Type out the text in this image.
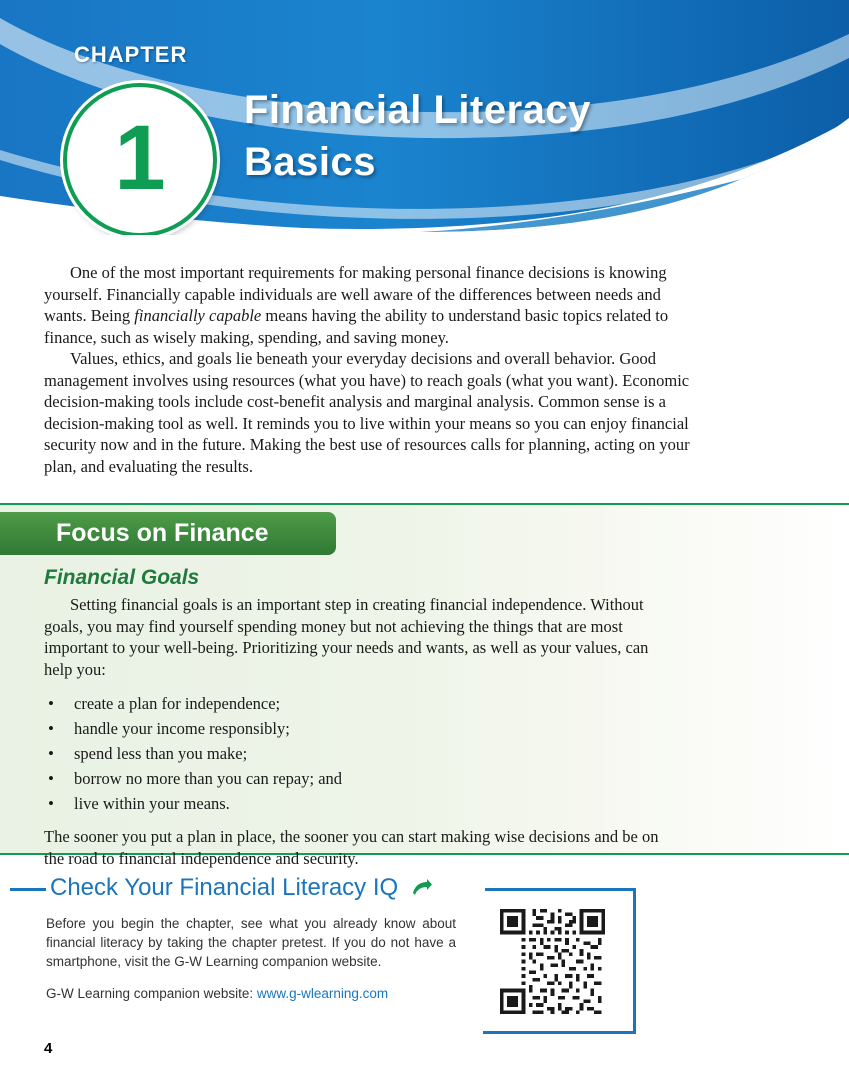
CHAPTER
1 Financial Literacy
Basics

One of the most important requirements for making personal finance decisions is knowing yourself. Financially capable individuals are well aware of the differences between needs and wants. Being financially capable means having the ability to understand basic topics related to finance, such as wisely making, spending, and saving money.

Values, ethics, and goals lie beneath your everyday decisions and overall behavior. Good management involves using resources (what you have) to reach goals (what you want). Economic decision-making tools include cost-benefit analysis and marginal analysis. Common sense is a decision-making tool as well. It reminds you to live within your means so you can enjoy financial security now and in the future. Making the best use of resources calls for planning, acting on your plan, and evaluating the results.

Focus on Finance
Financial Goals

Setting financial goals is an important step in creating financial independence. Without goals, you may find yourself spending money but not achieving the things that are most important to your well-being. Prioritizing your needs and wants, as well as your values, can help you:

• create a plan for independence;
• handle your income responsibly;
• spend less than you make;
• borrow no more than you can repay; and
• live within your means.

The sooner you put a plan in place, the sooner you can start making wise decisions and be on the road to financial independence and security.

Check Your Financial Literacy IQ

Before you begin the chapter, see what you already know about financial literacy by taking the chapter pretest. If you do not have a smartphone, visit the G-W Learning companion website.

G-W Learning companion website: www.g-wlearning.com

4
